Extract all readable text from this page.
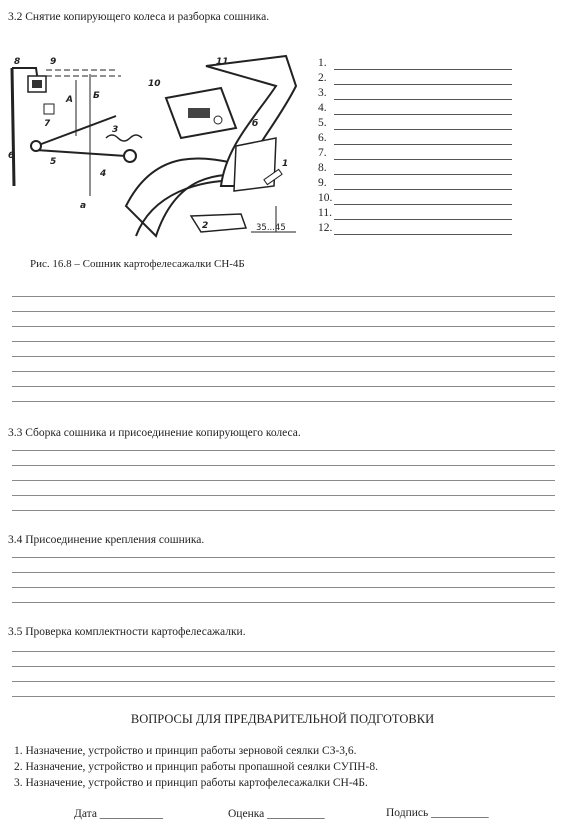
3.2 Снятие копирующего колеса и разборка сошника.
8	9
10
11
А Б
7
3
б
6
5
4
1
а
2	35...45
1.
2.
3.
4.
5.
6.
7.
8.
9.
10.
11.
12.
Рис. 16.8 – Сошник картофелесажалки СН-4Б
3.3 Сборка сошника и присоединение копирующего колеса.
3.4 Присоединение крепления сошника.
3.5 Проверка комплектности картофелесажалки.
ВОПРОСЫ ДЛЯ ПРЕДВАРИТЕЛЬНОЙ ПОДГОТОВКИ
1. Назначение, устройство и принцип работы зерновой сеялки СЗ-3,6.
2. Назначение, устройство и принцип работы пропашной сеялки СУПН-8.
3. Назначение, устройство и принцип работы картофелесажалки СН-4Б.
Дата ___________	Оценка __________	Подпись __________
